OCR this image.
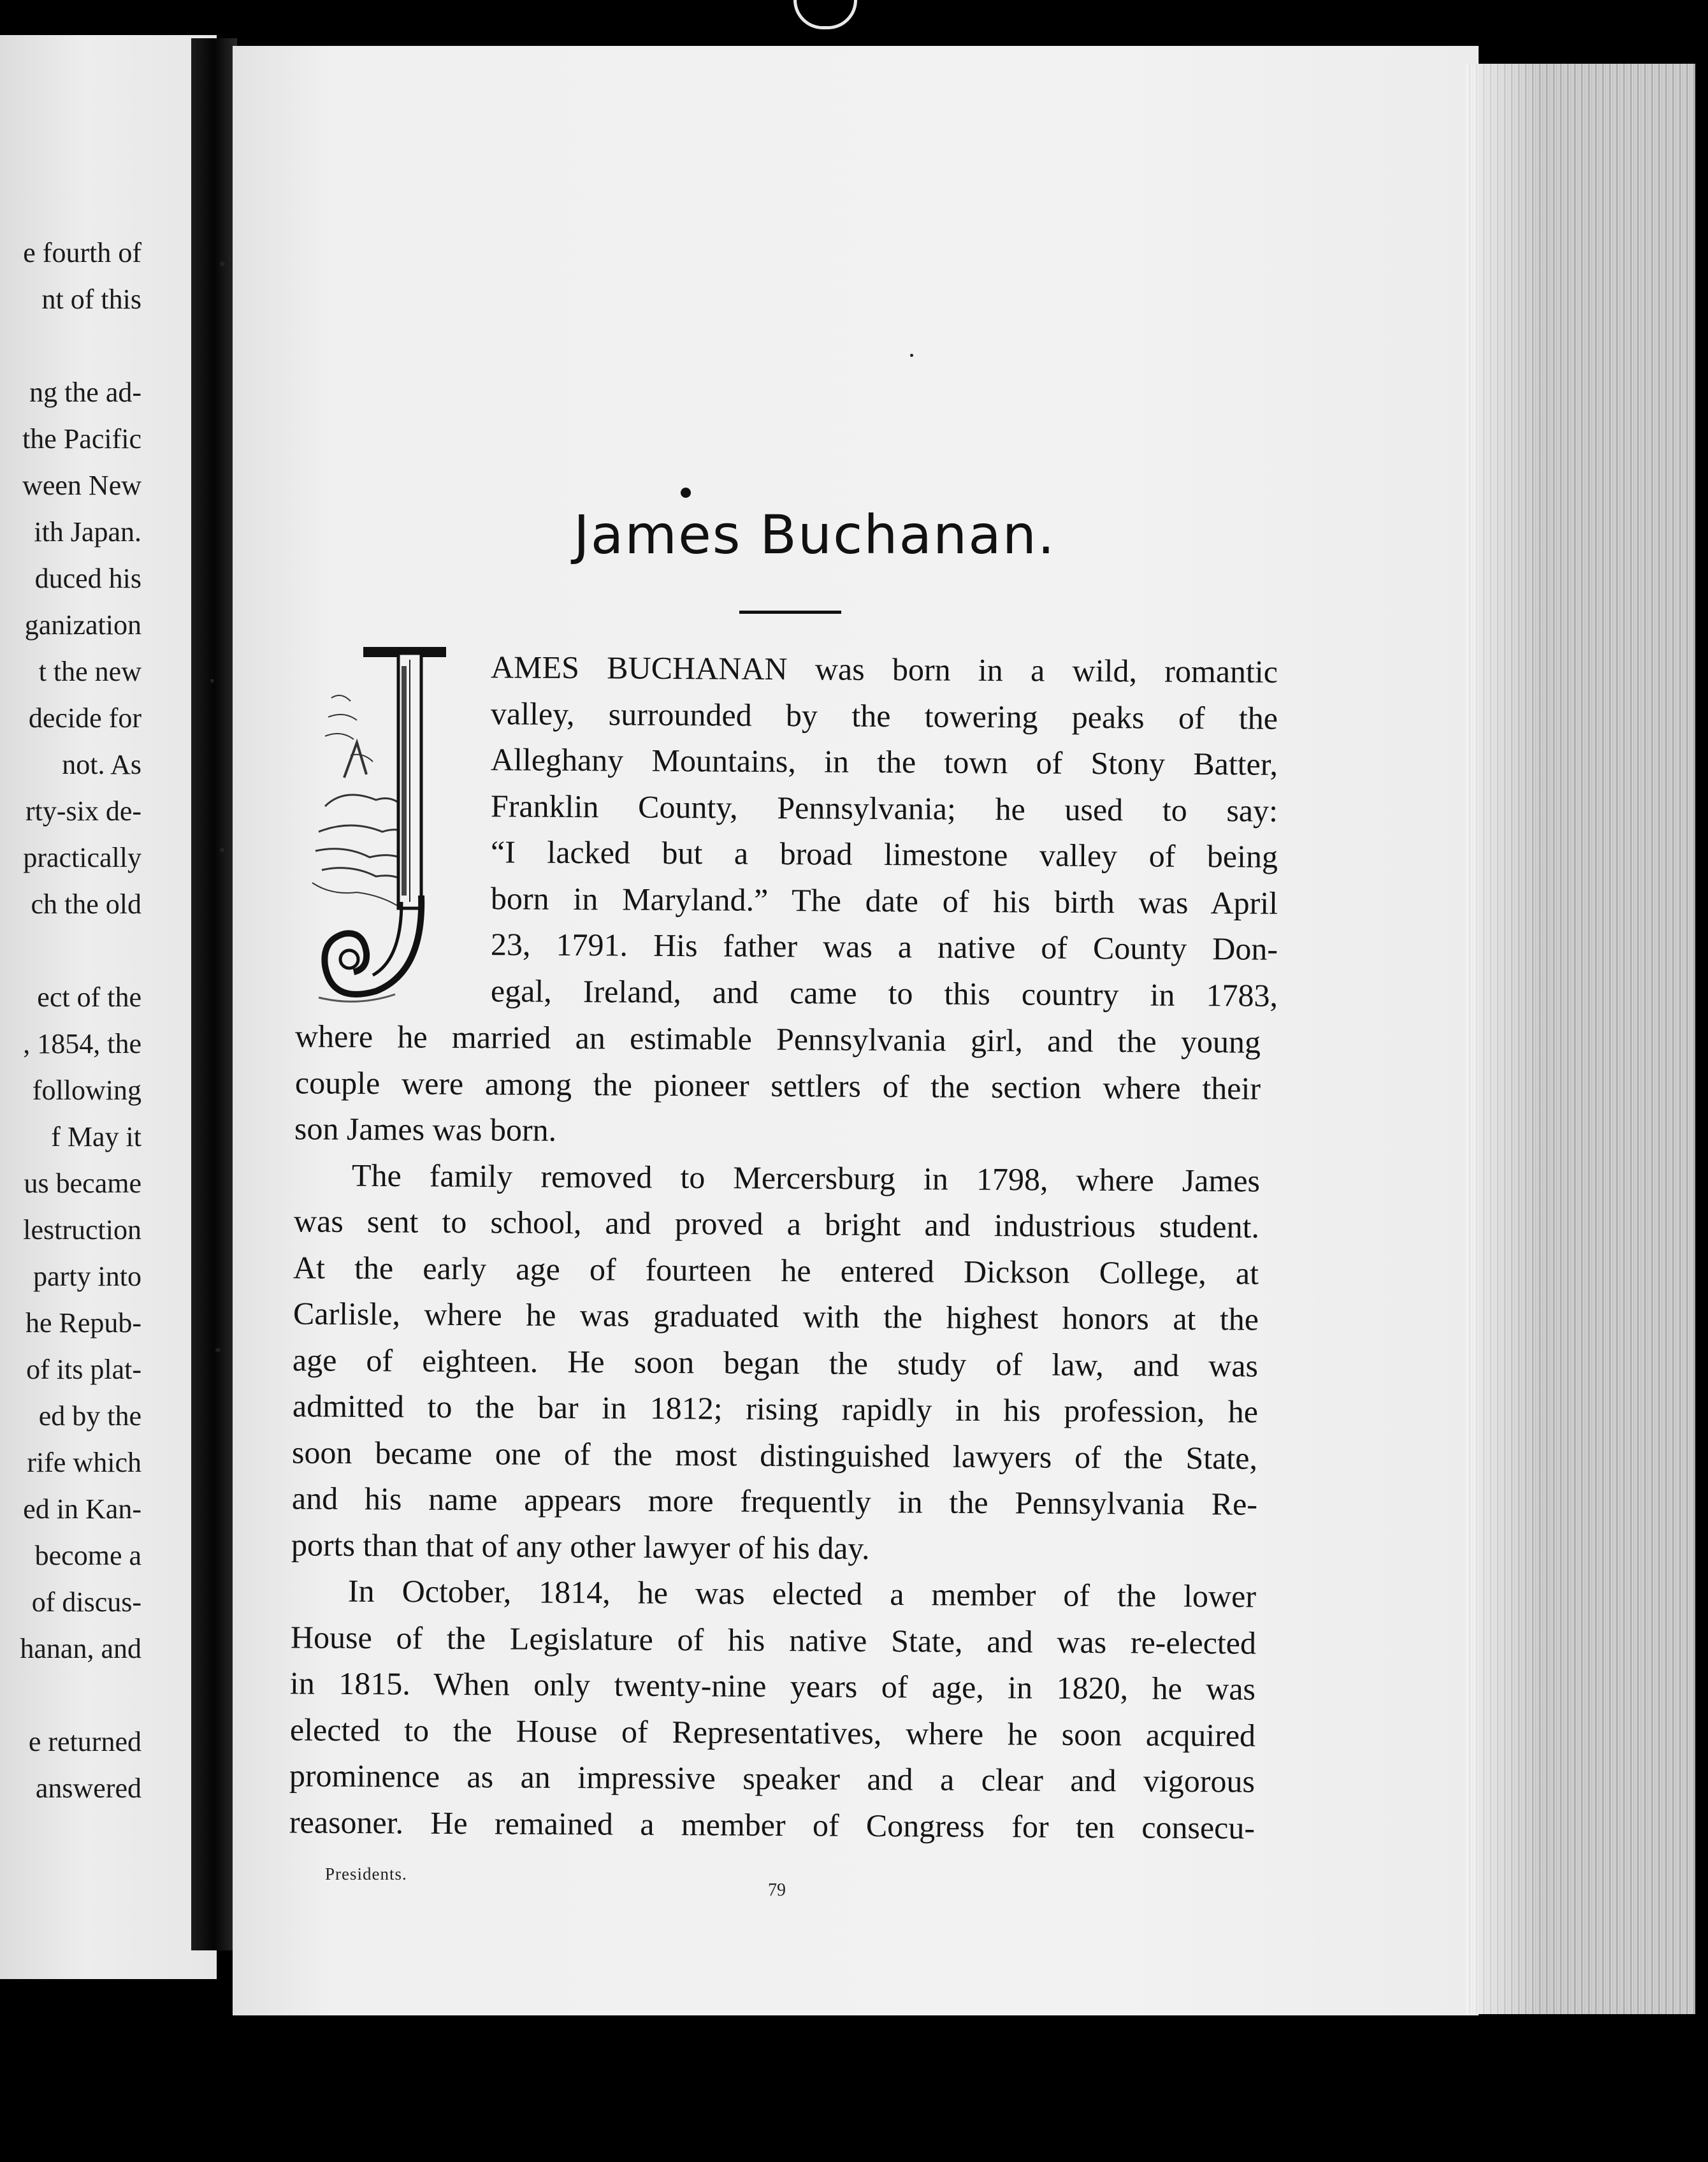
e fourth of
nt of this
ng the ad-
the Pacific
ween New
ith Japan.
duced his
ganization
t the new
decide for
not. As
rty-six de-
practically
ch the old
ect of the
, 1854, the
following
f May it
us became
lestruction
party into
he Repub-
of its plat-
ed by the
rife which
ed in Kan-
become a
of discus-
hanan, and
e returned
answered
James Buchanan.
AMES BUCHANAN was born in a wild, romantic
valley, surrounded by the towering peaks of the
Alleghany Mountains, in the town of Stony Batter,
Franklin County, Pennsylvania; he used to say:
“I lacked but a broad limestone valley of being
born in Maryland.” The date of his birth was April
23, 1791. His father was a native of County Don-
egal, Ireland, and came to this country in 1783,
where he married an estimable Pennsylvania girl, and the young
couple were among the pioneer settlers of the section where their
son James was born.
The family removed to Mercersburg in 1798, where James
was sent to school, and proved a bright and industrious student.
At the early age of fourteen he entered Dickson College, at
Carlisle, where he was graduated with the highest honors at the
age of eighteen. He soon began the study of law, and was
admitted to the bar in 1812; rising rapidly in his profession, he
soon became one of the most distinguished lawyers of the State,
and his name appears more frequently in the Pennsylvania Re-
ports than that of any other lawyer of his day.
In October, 1814, he was elected a member of the lower
House of the Legislature of his native State, and was re-elected
in 1815. When only twenty-nine years of age, in 1820, he was
elected to the House of Representatives, where he soon acquired
prominence as an impressive speaker and a clear and vigorous
reasoner. He remained a member of Congress for ten consecu-
Presidents.
79
